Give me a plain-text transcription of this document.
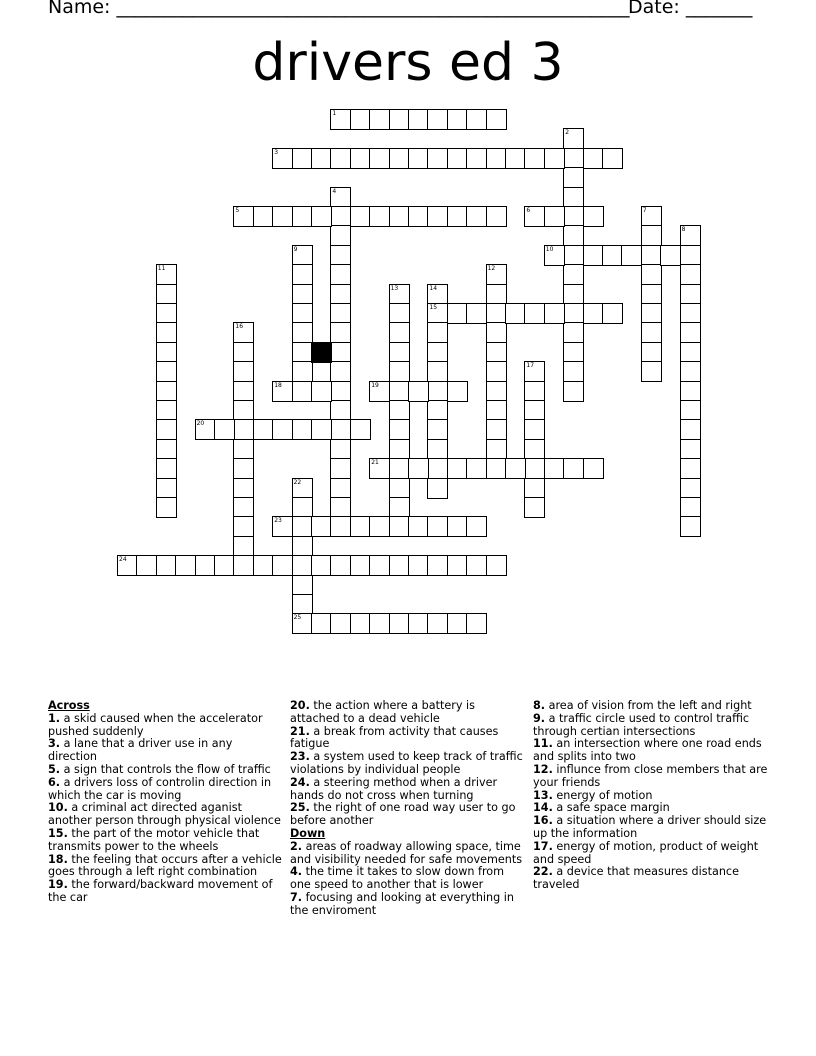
Name: ______________________________________________________
Date: _______
drivers ed 3
1
2
3
4
5	6	7
8
9	10
11	12
13	14
15
16
17
18	19
20
21
22
23
24
25
Across
1. a skid caused when the accelerator pushed suddenly
3. a lane that a driver use in any direction
5. a sign that controls the flow of traffic
6. a drivers loss of controlin direction in which the car is moving
10. a criminal act directed aganist another person through physical violence
15. the part of the motor vehicle that transmits power to the wheels
18. the feeling that occurs after a vehicle goes through a left right combination
19. the forward/backward movement of the car
20. the action where a battery is attached to a dead vehicle
21. a break from activity that causes fatigue
23. a system used to keep track of traffic violations by individual people
24. a steering method when a driver hands do not cross when turning
25. the right of one road way user to go before another
Down
2. areas of roadway allowing space, time and visibility needed for safe movements
4. the time it takes to slow down from one speed to another that is lower
7. focusing and looking at everything in the enviroment
8. area of vision from the left and right
9. a traffic circle used to control traffic through certian intersections
11. an intersection where one road ends and splits into two
12. influnce from close members that are your friends
13. energy of motion
14. a safe space margin
16. a situation where a driver should size up the information
17. energy of motion, product of weight and speed
22. a device that measures distance traveled
